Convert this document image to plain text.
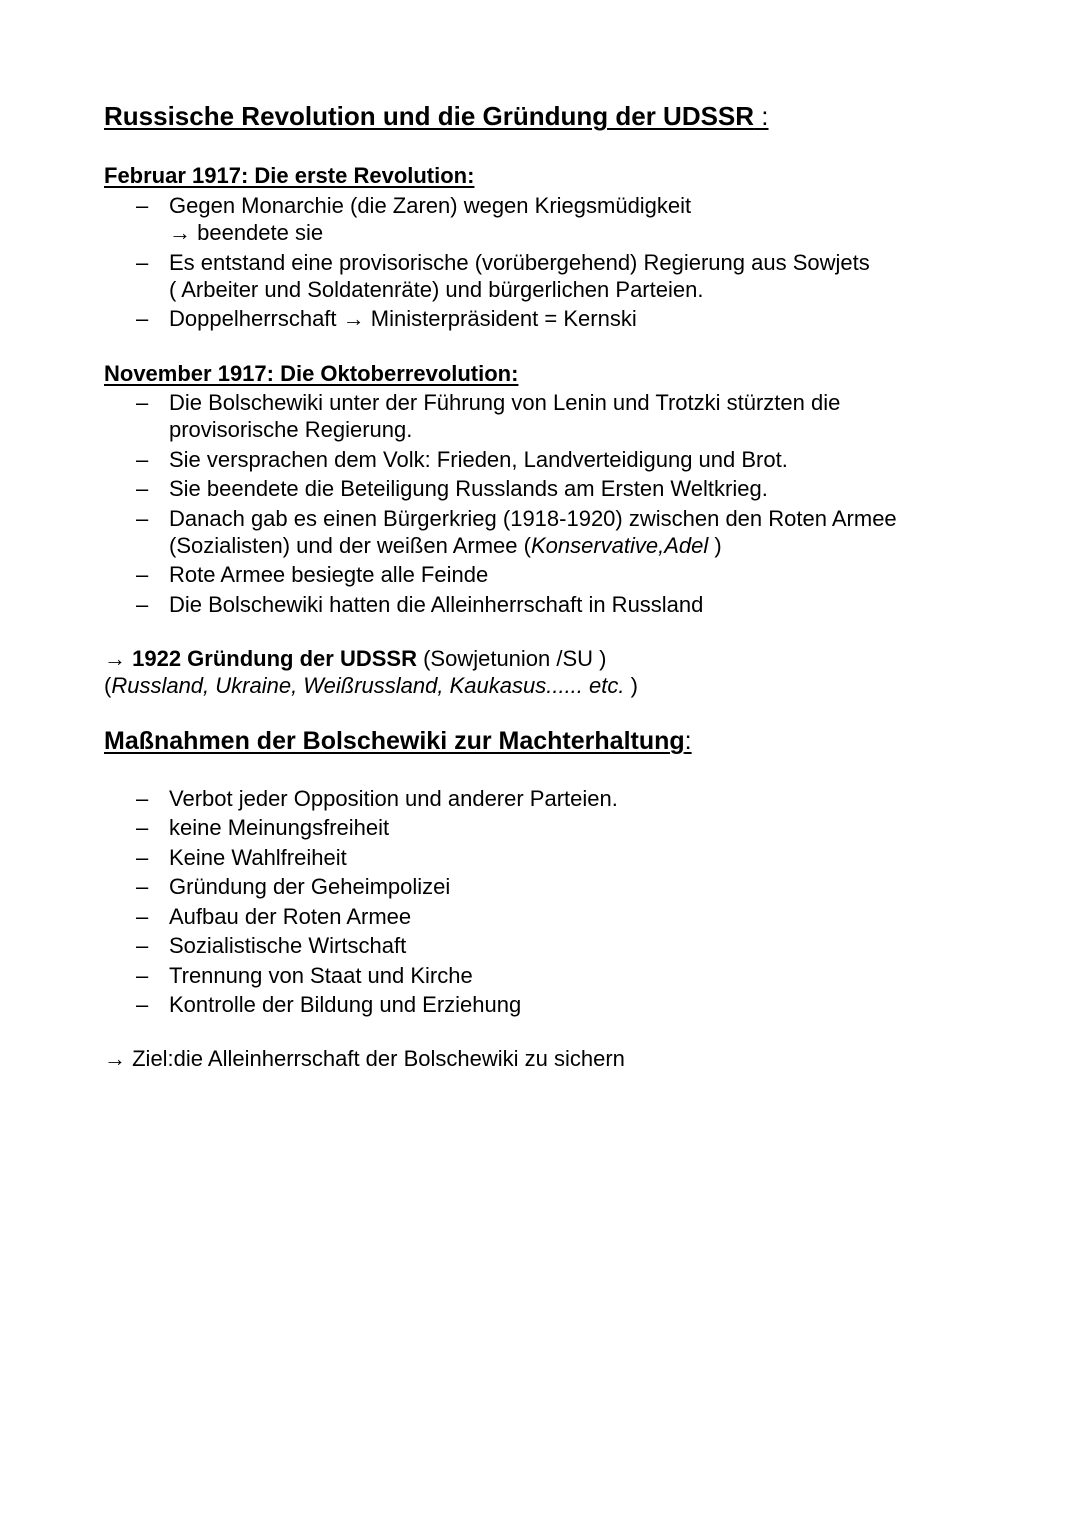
Russische Revolution und die Gründung der UDSSR :
Februar 1917: Die erste Revolution:
– Gegen Monarchie (die Zaren) wegen Kriegsmüdigkeit
→ beendete sie
– Es entstand eine provisorische (vorübergehend) Regierung aus Sowjets
( Arbeiter und Soldatenräte) und bürgerlichen Parteien.
– Doppelherrschaft → Ministerpräsident = Kernski
November 1917: Die Oktoberrevolution:
– Die Bolschewiki unter der Führung von Lenin und Trotzki stürzten die
provisorische Regierung.
– Sie versprachen dem Volk: Frieden, Landverteidigung und Brot.
– Sie beendete die Beteiligung Russlands am Ersten Weltkrieg.
– Danach gab es einen Bürgerkrieg (1918-1920) zwischen den Roten Armee
(Sozialisten) und der weißen Armee (Konservative,Adel )
– Rote Armee besiegte alle Feinde
– Die Bolschewiki hatten die Alleinherrschaft in Russland
→ 1922 Gründung der UDSSR (Sowjetunion /SU )
(Russland, Ukraine, Weißrussland, Kaukasus...... etc. )
Maßnahmen der Bolschewiki zur Machterhaltung:
– Verbot jeder Opposition und anderer Parteien.
– keine Meinungsfreiheit
– Keine Wahlfreiheit
– Gründung der Geheimpolizei
– Aufbau der Roten Armee
– Sozialistische Wirtschaft
– Trennung von Staat und Kirche
– Kontrolle der Bildung und Erziehung
→ Ziel:die Alleinherrschaft der Bolschewiki zu sichern
